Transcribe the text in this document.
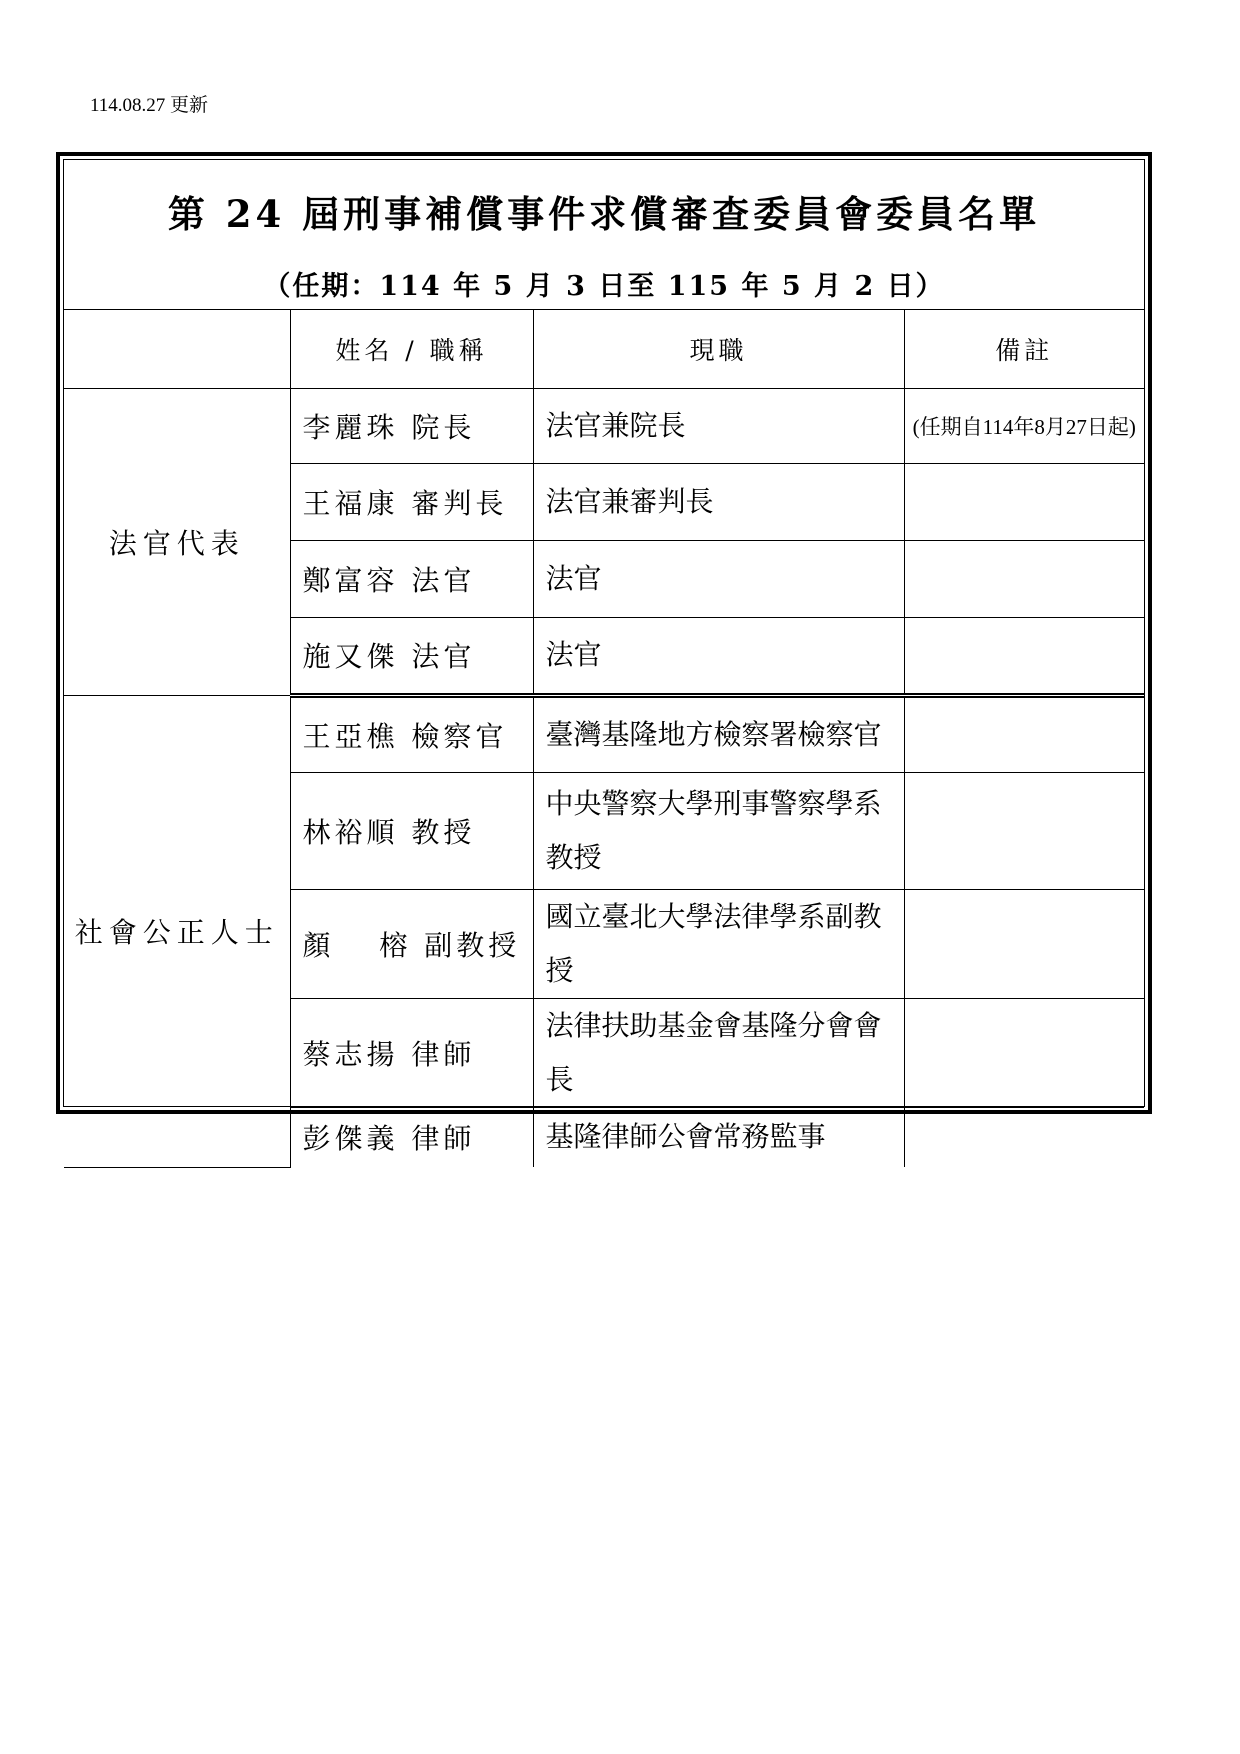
114.08.27 更新
第 24 屆刑事補償事件求償審查委員會委員名單
（任期：114 年 5 月 3 日至 115 年 5 月 2 日）
	姓名 / 職稱	現職	備註
法官代表	李麗珠 院長	法官兼院長	(任期自114年8月27日起)
	王福康 審判長	法官兼審判長	
	鄭富容 法官	法官	
	施又傑 法官	法官	
社會公正人士	王亞樵 檢察官	臺灣基隆地方檢察署檢察官	
	林裕順 教授	中央警察大學刑事警察學系教授	
	顏　 榕 副教授	國立臺北大學法律學系副教授	
	蔡志揚 律師	法律扶助基金會基隆分會會長	
	彭傑義 律師	基隆律師公會常務監事	
